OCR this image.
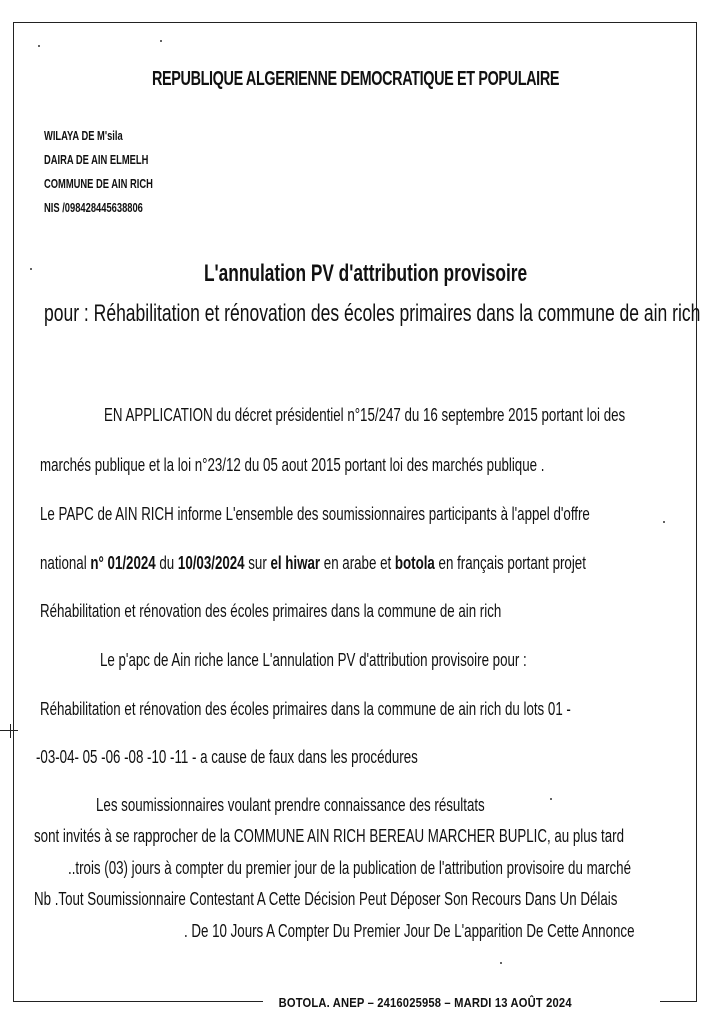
REPUBLIQUE ALGERIENNE DEMOCRATIQUE ET POPULAIRE
WILAYA DE M'sila
DAIRA DE AIN ELMELH
COMMUNE DE AIN RICH
NIS /098428445638806
L'annulation PV d'attribution provisoire
pour : Réhabilitation et rénovation des écoles primaires dans la commune de ain rich
EN APPLICATION du décret présidentiel n°15/247 du 16 septembre 2015 portant loi des
marchés publique et la loi n°23/12 du 05 aout 2015 portant loi des marchés publique .
Le PAPC de AIN RICH informe L'ensemble des soumissionnaires participants à l'appel d'offre
national n° 01/2024 du 10/03/2024 sur el hiwar en arabe et botola en français portant projet
Réhabilitation et rénovation des écoles primaires dans la commune de ain rich
Le p'apc de Ain riche lance L'annulation PV d'attribution provisoire pour :
Réhabilitation et rénovation des écoles primaires dans la commune de ain rich du lots 01 -
-03-04- 05 -06 -08 -10 -11 - a cause de faux dans les procédures
Les soumissionnaires voulant prendre connaissance des résultats
sont invités à se rapprocher de la COMMUNE AIN RICH BEREAU MARCHER BUPLIC, au plus tard
..trois (03) jours à compter du premier jour de la publication de l'attribution provisoire du marché
Nb .Tout Soumissionnaire Contestant A Cette Décision Peut Déposer Son Recours Dans Un Délais
. De 10 Jours A Compter Du Premier Jour De L'apparition De Cette Annonce
BOTOLA. ANEP – 2416025958 – MARDI 13 AOÛT 2024
